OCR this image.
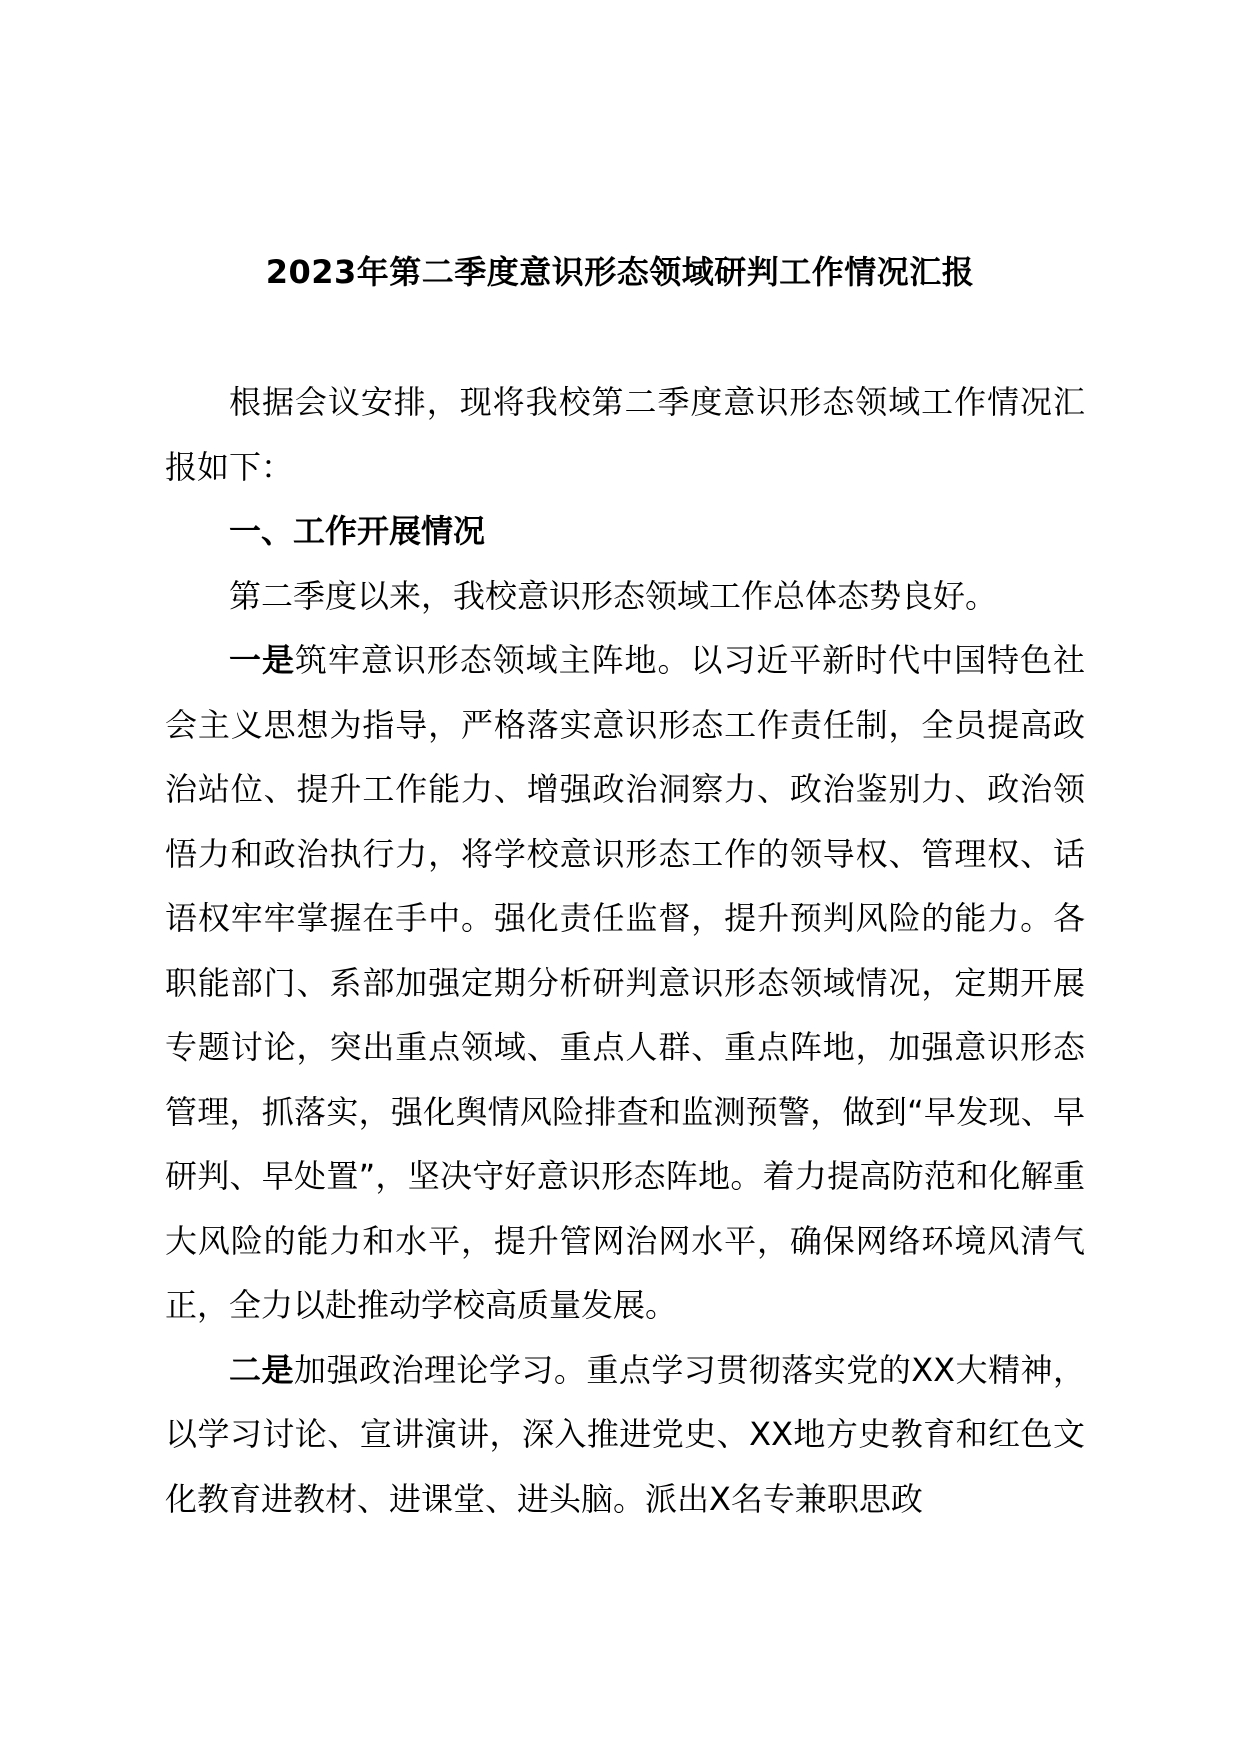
2023年第二季度意识形态领域研判工作情况汇报

根据会议安排，现将我校第二季度意识形态领域工作情况汇报如下：

一、工作开展情况

第二季度以来，我校意识形态领域工作总体态势良好。

一是筑牢意识形态领域主阵地。以习近平新时代中国特色社会主义思想为指导，严格落实意识形态工作责任制，全员提高政治站位、提升工作能力、增强政治洞察力、政治鉴别力、政治领悟力和政治执行力，将学校意识形态工作的领导权、管理权、话语权牢牢掌握在手中。强化责任监督，提升预判风险的能力。各职能部门、系部加强定期分析研判意识形态领域情况，定期开展专题讨论，突出重点领域、重点人群、重点阵地，加强意识形态管理，抓落实，强化舆情风险排查和监测预警，做到“早发现、早研判、早处置”，坚决守好意识形态阵地。着力提高防范和化解重大风险的能力和水平，提升管网治网水平，确保网络环境风清气正，全力以赴推动学校高质量发展。

二是加强政治理论学习。重点学习贯彻落实党的XX大精神，以学习讨论、宣讲演讲，深入推进党史、XX地方史教育和红色文化教育进教材、进课堂、进头脑。派出X名专兼职思政
